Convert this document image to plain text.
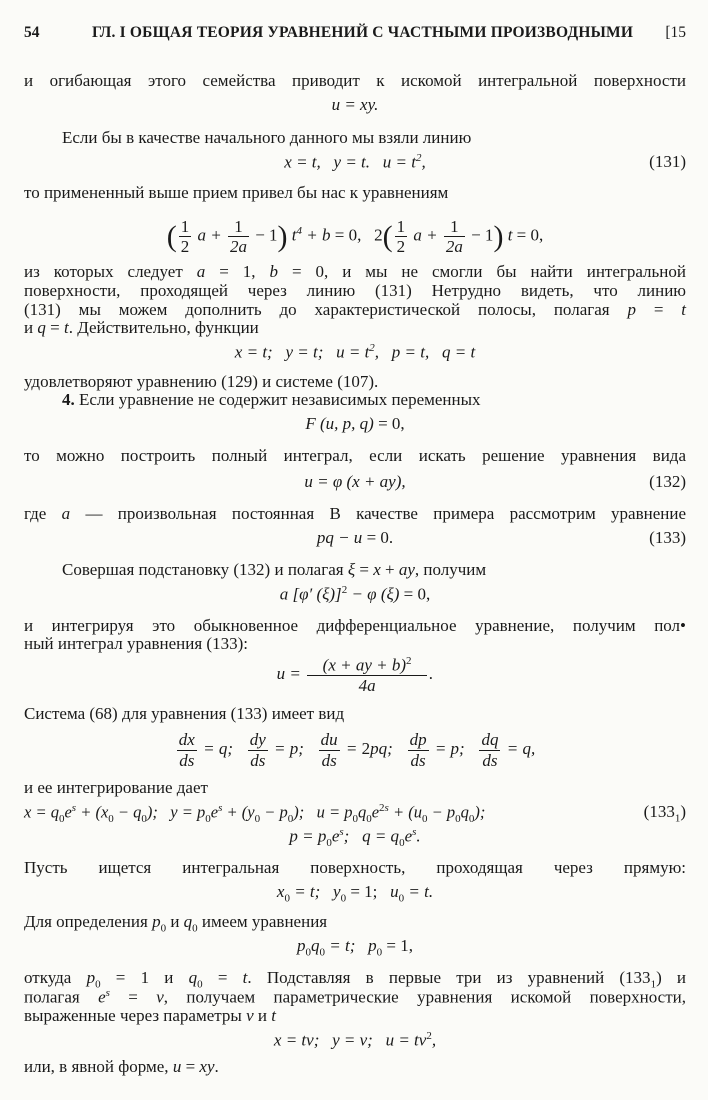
54	ГЛ. I ОБЩАЯ ТЕОРИЯ УРАВНЕНИЙ С ЧАСТНЫМИ ПРОИЗВОДНЫМИ [15
и огибающая этого семейства приводит к искомой интегральной поверхности
u = xy.
Если бы в качестве начального данного мы взяли линию
x = t,   y = t.   $u = t^2$,	(131)
то примененный выше прием привел бы нас к уравнениям
( $\frac{1}{2}$ $a + \frac{1}{2a} - 1$) $t^4 + b = 0$,   $2( \frac{1}{2}$ $a + \frac{1}{2a} - 1$) t = 0,
из которых следует a = 1, b = 0, и мы не смогли бы найти интегральной
поверхности, проходящей через линию (131) Нетрудно видеть, что линию
(131) мы можем дополнить до характеристической полосы, полагая p = t
и q = t. Действительно, функции
x = t;   y = t;   $u = t^2$,   p = t,   q = t
удовлетворяют уравнению (129) и системе (107).
4. Если уравнение не содержит независимых переменных
F (u, p, q) = 0,
то можно построить полный интеграл, если искать решение уравнения вида
u = φ (x + ay),	(132)
где a — произвольная постоянная В качестве примера рассмотрим уравнение
pq − u = 0.	(133)
Совершая подстановку (132) и полагая ξ = x + ay, получим
a [φ′ (ξ)]$^2$ − φ (ξ) = 0,
и интегрируя это обыкновенное дифференциальное уравнение, получим пол•
ный интеграл уравнения (133):
$u = \frac{(x + ay + b)^2}{4a}$ .
Система (68) для уравнения (133) имеет вид
$\frac{dx}{ds} = q$; $\frac{dy}{ds} = p$; $\frac{du}{ds} = 2pq$; $\frac{dp}{ds} = p$; $\frac{dq}{ds} = q$,
и ее интегрирование дает
$x = q_0e^s + (x_0 - q_0)$;   $y = p_0e^s + (y_0 - p_0)$;   $u = p_0q_0e^{2s} + (u_0 - p_0q_0)$;	$(133_1)$
$p = p_0e^s$;   $q = q_0e^s$.
Пусть ищется интегральная поверхность, проходящая через прямую:
$x_0 = t$;   $y_0 = 1$;   $u_0 = t$.
Для определения $p_0$ и $q_0$ имеем уравнения
$p_0q_0 = t$;   $p_0 = 1$,
откуда $p_0 = 1$ и $q_0 = t$. Подставляя в первые три из уравнений $(133_1)$ и
полагая $e^s = v$, получаем параметрические уравнения искомой поверхности,
выраженные через параметры v и t
x = tv;   y = v;   $u = tv^2$,
или, в явной форме, u = xy.
